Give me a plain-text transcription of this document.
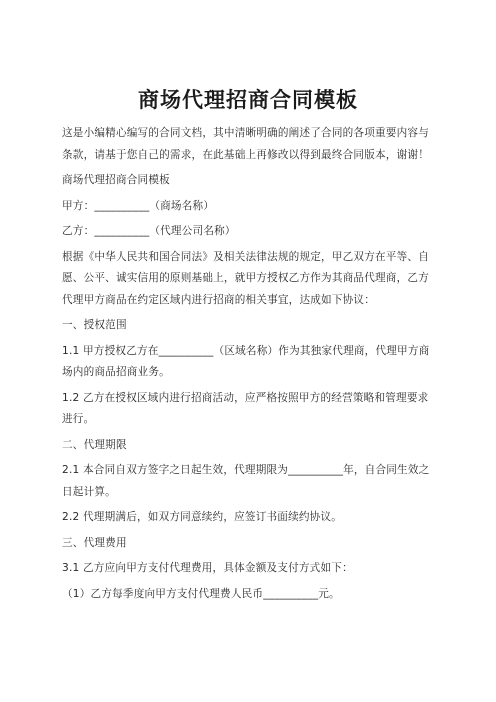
商场代理招商合同模板

这是小编精心编写的合同文档，其中清晰明确的阐述了合同的各项重要内容与条款，请基于您自己的需求，在此基础上再修改以得到最终合同版本，谢谢！

商场代理招商合同模板

甲方：__________（商场名称）

乙方：__________（代理公司名称）

根据《中华人民共和国合同法》及相关法律法规的规定，甲乙双方在平等、自愿、公平、诚实信用的原则基础上，就甲方授权乙方作为其商品代理商，乙方代理甲方商品在约定区域内进行招商的相关事宜，达成如下协议：

一、授权范围

1.1 甲方授权乙方在__________（区域名称）作为其独家代理商，代理甲方商场内的商品招商业务。

1.2 乙方在授权区域内进行招商活动，应严格按照甲方的经营策略和管理要求进行。

二、代理期限

2.1 本合同自双方签字之日起生效，代理期限为__________年，自合同生效之日起计算。

2.2 代理期满后，如双方同意续约，应签订书面续约协议。

三、代理费用

3.1 乙方应向甲方支付代理费用，具体金额及支付方式如下：

（1）乙方每季度向甲方支付代理费人民币__________元。
